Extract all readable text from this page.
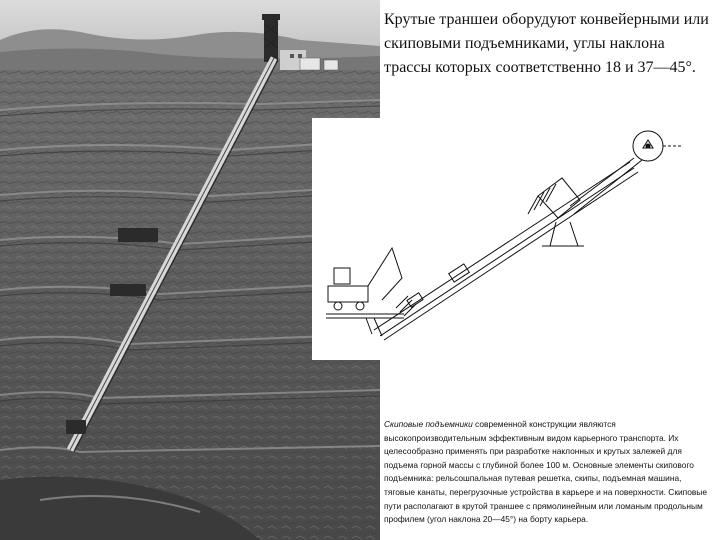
Крутые траншеи оборудуют конвейерными или скиповыми подъемниками, углы наклона трассы которых соответственно 18 и 37—45°.

Скиповые подъемники современной конструкции являются высокопроизводительным эффективным видом карьерного транспорта. Их целесообразно применять при разработке наклонных и крутых залежей для подъема горной массы с глубиной более 100 м. Основные элементы скипового подъемника: рельсошпальная путевая решетка, скипы, подъемная машина, тяговые канаты, перегрузочные устройства в карьере и на поверхности. Скиповые пути располагают в крутой траншее с прямолинейным или ломаным продольным профилем (угол наклона 20—45°) на борту карьера.
